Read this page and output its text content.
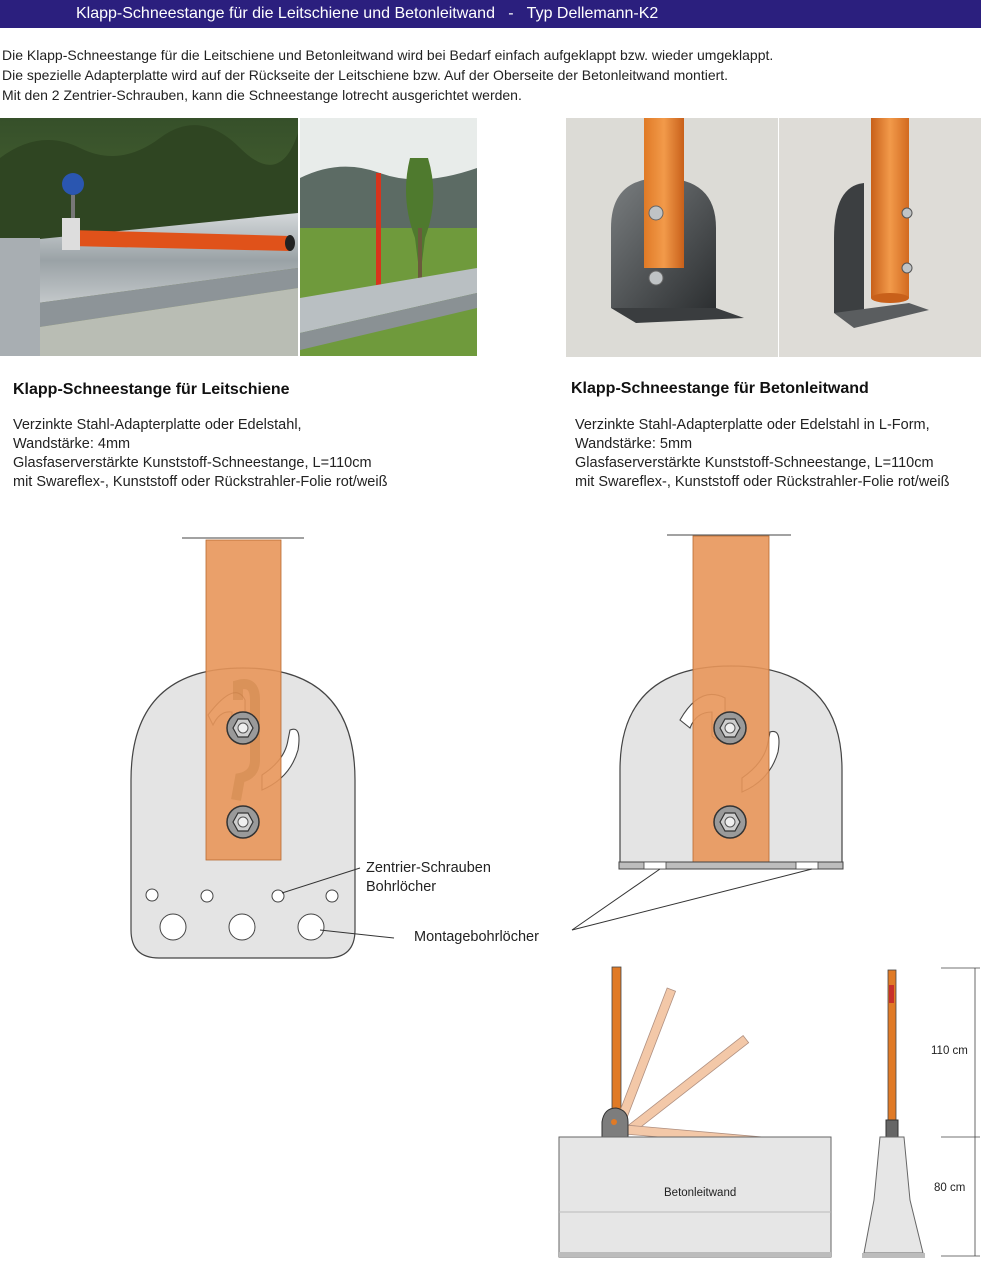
Klapp-Schneestange für die Leitschiene und Betonleitwand   -   Typ Dellemann-K2
Die Klapp-Schneestange für die Leitschiene und Betonleitwand wird bei Bedarf einfach aufgeklappt bzw. wieder umgeklappt.
Die spezielle Adapterplatte wird auf der Rückseite der Leitschiene bzw. Auf der Oberseite der Betonleitwand montiert.
Mit den 2 Zentrier-Schrauben, kann die Schneestange lotrecht ausgerichtet werden.
Klapp-Schneestange für Leitschiene	Klapp-Schneestange für Betonleitwand
Verzinkte Stahl-Adapterplatte oder Edelstahl,
Wandstärke: 4mm
Glasfaserverstärkte Kunststoff-Schneestange, L=110cm
mit Swareflex-, Kunststoff oder Rückstrahler-Folie rot/weiß
Verzinkte Stahl-Adapterplatte oder Edelstahl in L-Form,
Wandstärke: 5mm
Glasfaserverstärkte Kunststoff-Schneestange, L=110cm
mit Swareflex-, Kunststoff oder Rückstrahler-Folie rot/weiß
Zentrier-Schrauben
Bohrlöcher
Montagebohrlöcher
Betonleitwand
110 cm
80 cm
